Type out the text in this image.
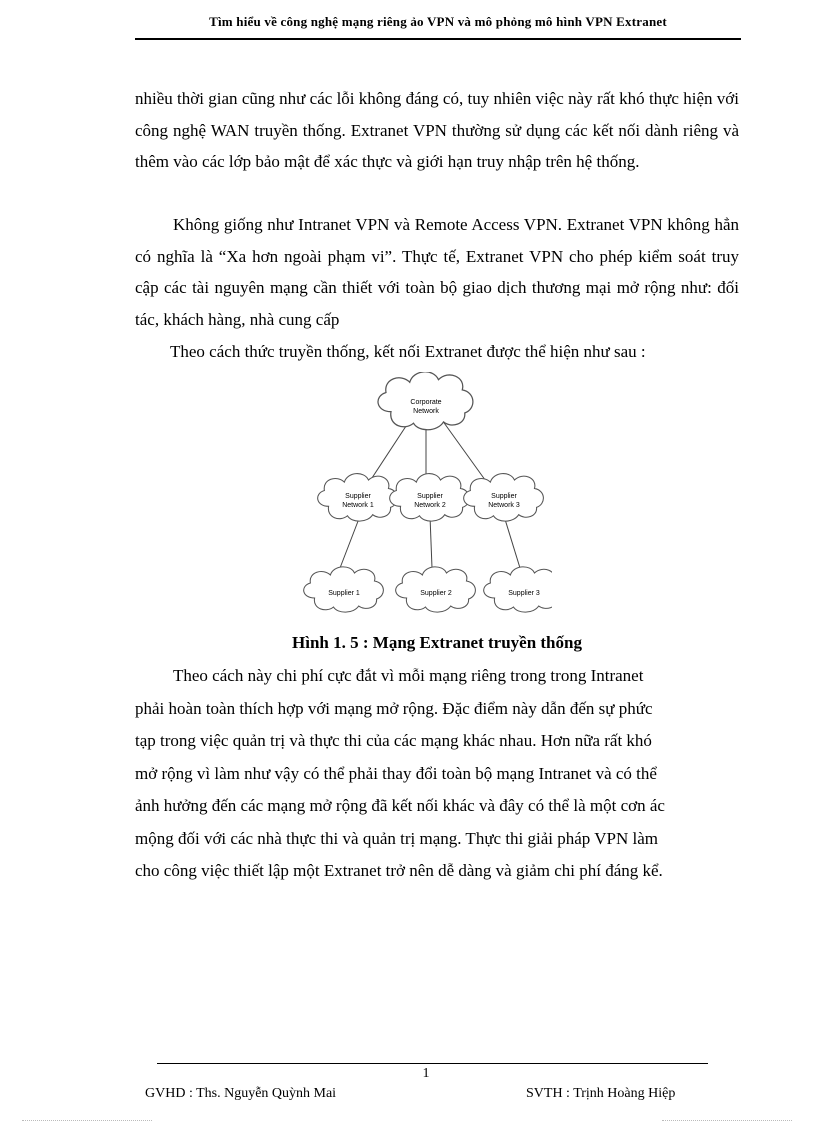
Tìm hiểu về công nghệ mạng riêng ảo VPN và mô phỏng mô hình VPN Extranet

nhiều thời gian cũng như các lỗi không đáng có, tuy nhiên việc này rất khó thực hiện với công nghệ WAN truyền thống. Extranet VPN thường sử dụng các kết nối dành riêng và thêm vào các lớp bảo mật để xác thực và giới hạn truy nhập trên hệ thống.

Không giống như Intranet VPN và Remote Access VPN. Extranet VPN không hẳn có nghĩa là “Xa hơn ngoài phạm vi”. Thực tế, Extranet VPN cho phép kiểm soát truy cập các tài nguyên mạng cần thiết với toàn bộ giao dịch thương mại mở rộng như: đối tác, khách hàng, nhà cung cấp

Theo cách thức truyền thống, kết nối Extranet được thể hiện như sau :

Corporate
Network
Supplier
Network 1
Supplier
Network 2
Supplier
Network 3
Supplier 1	Supplier 2	Supplier 3
Hình 1. 5 : Mạng Extranet truyền thống

Theo cách này chi phí cực đắt vì mỗi mạng riêng trong trong Intranet
phải hoàn toàn thích hợp với mạng mở rộng. Đặc điểm này dẫn đến sự phức
tạp trong việc quản trị và thực thi của các mạng khác nhau. Hơn nữa rất khó
mở rộng vì làm như vậy có thể phải thay đổi toàn bộ mạng Intranet và có thể
ảnh hưởng đến các mạng mở rộng đã kết nối khác và đây có thể là một cơn ác
mộng đối với các nhà thực thi và quản trị mạng. Thực thi giải pháp VPN làm
cho công việc thiết lập một Extranet trở nên dễ dàng và giảm chi phí đáng kể.

1
GVHD : Ths. Nguyễn Quỳnh Mai	SVTH : Trịnh Hoàng Hiệp
